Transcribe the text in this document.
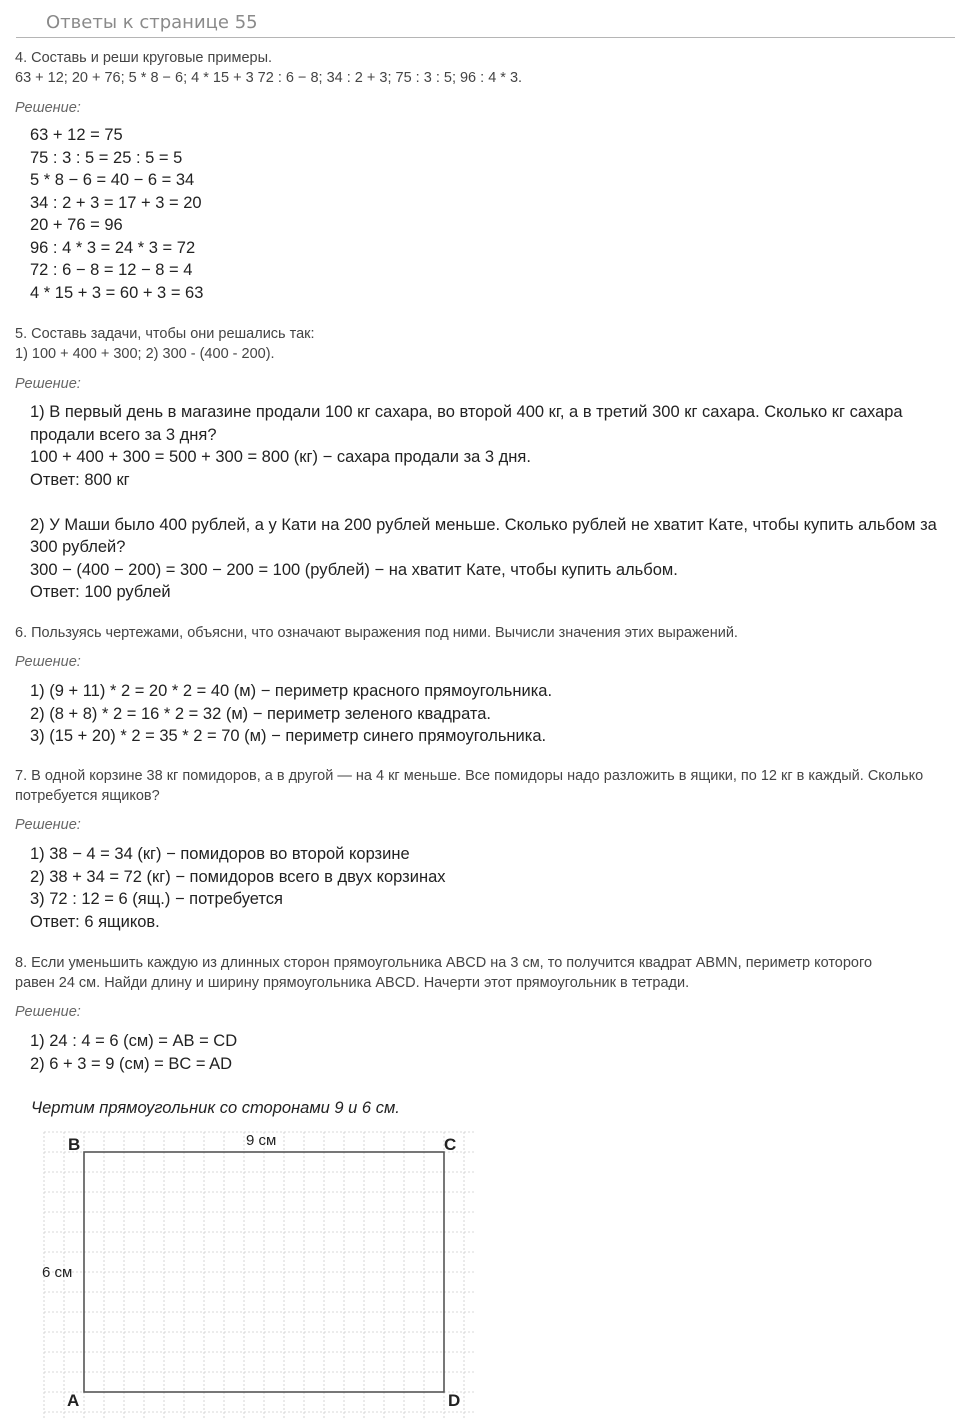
Ответы к странице 55
4. Составь и реши круговые примеры.
63 + 12; 20 + 76; 5 * 8 − 6; 4 * 15 + 3 72 : 6 − 8; 34 : 2 + 3; 75 : 3 : 5; 96 : 4 * 3.
Решение:
63 + 12 = 75
75 : 3 : 5 = 25 : 5 = 5
5 * 8 − 6 = 40 − 6 = 34
34 : 2 + 3 = 17 + 3 = 20
20 + 76 = 96
96 : 4 * 3 = 24 * 3 = 72
72 : 6 − 8 = 12 − 8 = 4
4 * 15 + 3 = 60 + 3 = 63
5. Составь задачи, чтобы они решались так:
1) 100 + 400 + 300; 2) 300 - (400 - 200).
Решение:
1) В первый день в магазине продали 100 кг сахара, во второй 400 кг, а в третий 300 кг сахара. Сколько кг сахара продали всего за 3 дня?
100 + 400 + 300 = 500 + 300 = 800 (кг) − сахара продали за 3 дня.
Ответ: 800 кг
2) У Маши было 400 рублей, а у Кати на 200 рублей меньше. Сколько рублей не хватит Кате, чтобы купить альбом за 300 рублей?
300 − (400 − 200) = 300 − 200 = 100 (рублей) − на хватит Кате, чтобы купить альбом.
Ответ: 100 рублей
6. Пользуясь чертежами, объясни, что означают выражения под ними. Вычисли значения этих выражений.
Решение:
1) (9 + 11) * 2 = 20 * 2 = 40 (м) − периметр красного прямоугольника.
2) (8 + 8) * 2 = 16 * 2 = 32 (м) − периметр зеленого квадрата.
3) (15 + 20) * 2 = 35 * 2 = 70 (м) − периметр синего прямоугольника.
7. В одной корзине 38 кг помидоров, а в другой — на 4 кг меньше. Все помидоры надо разложить в ящики, по 12 кг в каждый. Сколько потребуется ящиков?
Решение:
1) 38 − 4 = 34 (кг) − помидоров во второй корзине
2) 38 + 34 = 72 (кг) − помидоров всего в двух корзинах
3) 72 : 12 = 6 (ящ.) − потребуется
Ответ: 6 ящиков.
8. Если уменьшить каждую из длинных сторон прямоугольника ABCD на 3 см, то получится квадрат ABMN, периметр которого равен 24 см. Найди длину и ширину прямоугольника ABCD. Начерти этот прямоугольник в тетради.
Решение:
1) 24 : 4 = 6 (см) = AB = CD
2) 6 + 3 = 9 (см) = BC = AD
Чертим прямоугольник со сторонами 9 и 6 см.
B	C
A	D
9 см
6 см
